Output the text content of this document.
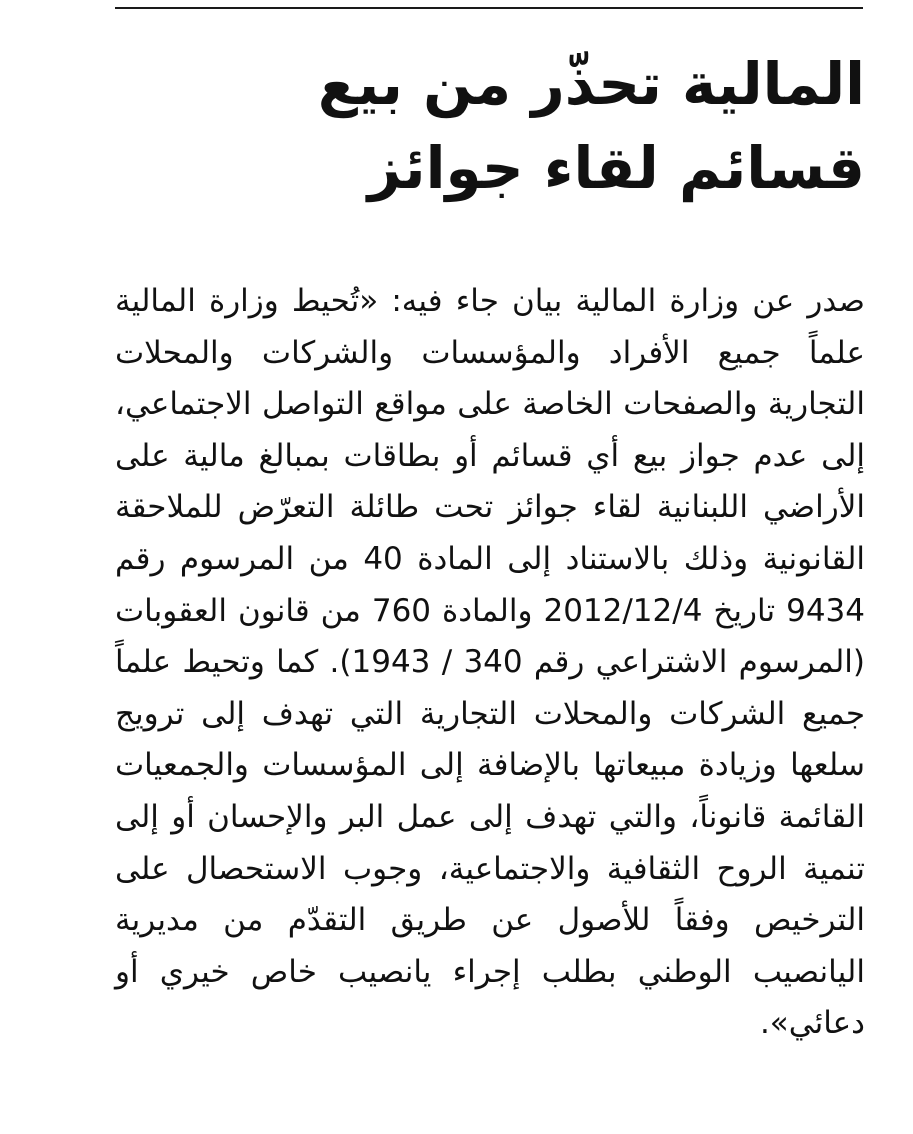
المالية تحذّر من بيع قسائم لقاء جوائز

صدر عن وزارة المالية بيان جاء فيه: «تُحيط وزارة المالية علماً جميع الأفراد والمؤسسات والشركات والمحلات التجارية والصفحات الخاصة على مواقع التواصل الاجتماعي، إلى عدم جواز بيع أي قسائم أو بطاقات بمبالغ مالية على الأراضي اللبنانية لقاء جوائز تحت طائلة التعرّض للملاحقة القانونية وذلك بالاستناد إلى المادة 40 من المرسوم رقم 9434 تاريخ 2012/12/4 والمادة 760 من قانون العقوبات (المرسوم الاشتراعي رقم 340 / 1943). كما وتحيط علماً جميع الشركات والمحلات التجارية التي تهدف إلى ترويج سلعها وزيادة مبيعاتها بالإضافة إلى المؤسسات والجمعيات القائمة قانوناً، والتي تهدف إلى عمل البر والإحسان أو إلى تنمية الروح الثقافية والاجتماعية، وجوب الاستحصال على الترخيص وفقاً للأصول عن طريق التقدّم من مديرية اليانصيب الوطني بطلب إجراء يانصيب خاص خيري أو دعائي».
